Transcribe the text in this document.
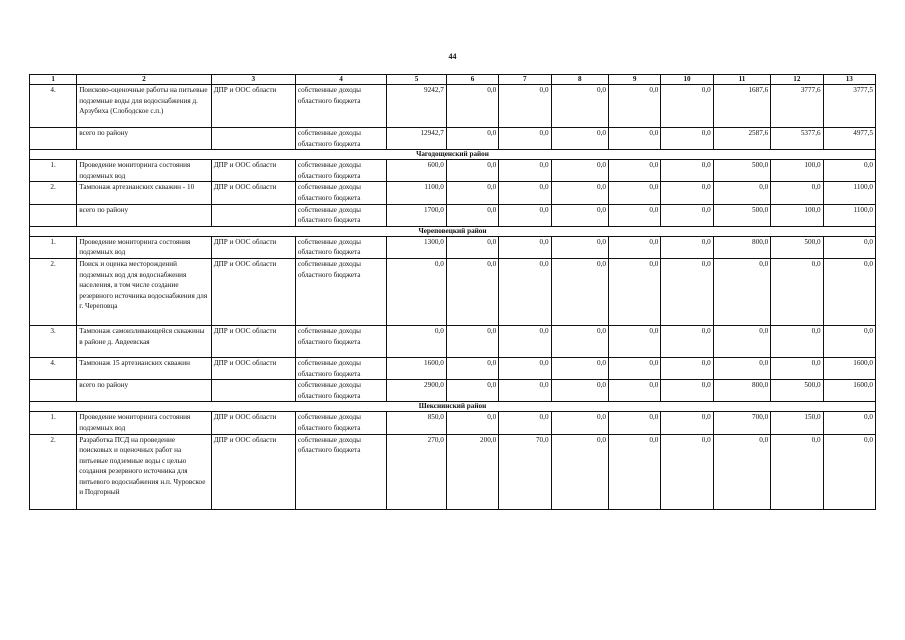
44
1	2	3	4	5	6	7	8	9	10	11	12	13
4.	Поисково-оценочные работы на питьевые подземные воды для водоснабжения д. Арзубиха (Слободское с.п.)	ДПР и ООС области	собственные доходы областного бюджета	9242,7	0,0	0,0	0,0	0,0	0,0	1687,6	3777,6	3777,5
	всего по району		собственные доходы областного бюджета	12942,7	0,0	0,0	0,0	0,0	0,0	2587,6	5377,6	4977,5
Чагодощенский район												
1.	Проведение мониторинга состояния подземных вод	ДПР и ООС области	собственные доходы областного бюджета	600,0	0,0	0,0	0,0	0,0	0,0	500,0	100,0	0,0
2.	Тампонаж артезианских скважин - 10	ДПР и ООС области	собственные доходы областного бюджета	1100,0	0,0	0,0	0,0	0,0	0,0	0,0	0,0	1100,0
	всего по району		собственные доходы областного бюджета	1700,0	0,0	0,0	0,0	0,0	0,0	500,0	100,0	1100,0
Череповецкий район												
1.	Проведение мониторинга состояния подземных вод	ДПР и ООС области	собственные доходы областного бюджета	1300,0	0,0	0,0	0,0	0,0	0,0	800,0	500,0	0,0
2.	Поиск и оценка месторождений подземных вод для водоснабжения населения, в том числе создание резервного источника водоснабжения для г. Череповца	ДПР и ООС области	собственные доходы областного бюджета	0,0	0,0	0,0	0,0	0,0	0,0	0,0	0,0	0,0
3.	Тампонаж самоизливающейся скважины в районе д. Авдеевская	ДПР и ООС области	собственные доходы областного бюджета	0,0	0,0	0,0	0,0	0,0	0,0	0,0	0,0	0,0
4.	Тампонаж 15 артезианских скважин	ДПР и ООС области	собственные доходы областного бюджета	1600,0	0,0	0,0	0,0	0,0	0,0	0,0	0,0	1600,0
	всего по району		собственные доходы областного бюджета	2900,0	0,0	0,0	0,0	0,0	0,0	800,0	500,0	1600,0
Шекснинский район												
1.	Проведение мониторинга состояния подземных вод	ДПР и ООС области	собственные доходы областного бюджета	850,0	0,0	0,0	0,0	0,0	0,0	700,0	150,0	0,0
2.	Разработка ПСД на проведение поисковых и оценочных работ на питьевые подземные воды с целью создания резервного источника для питьевого водоснабжения н.п. Чуровское и Подгорный	ДПР и ООС области	собственные доходы областного бюджета	270,0	200,0	70,0	0,0	0,0	0,0	0,0	0,0	0,0
